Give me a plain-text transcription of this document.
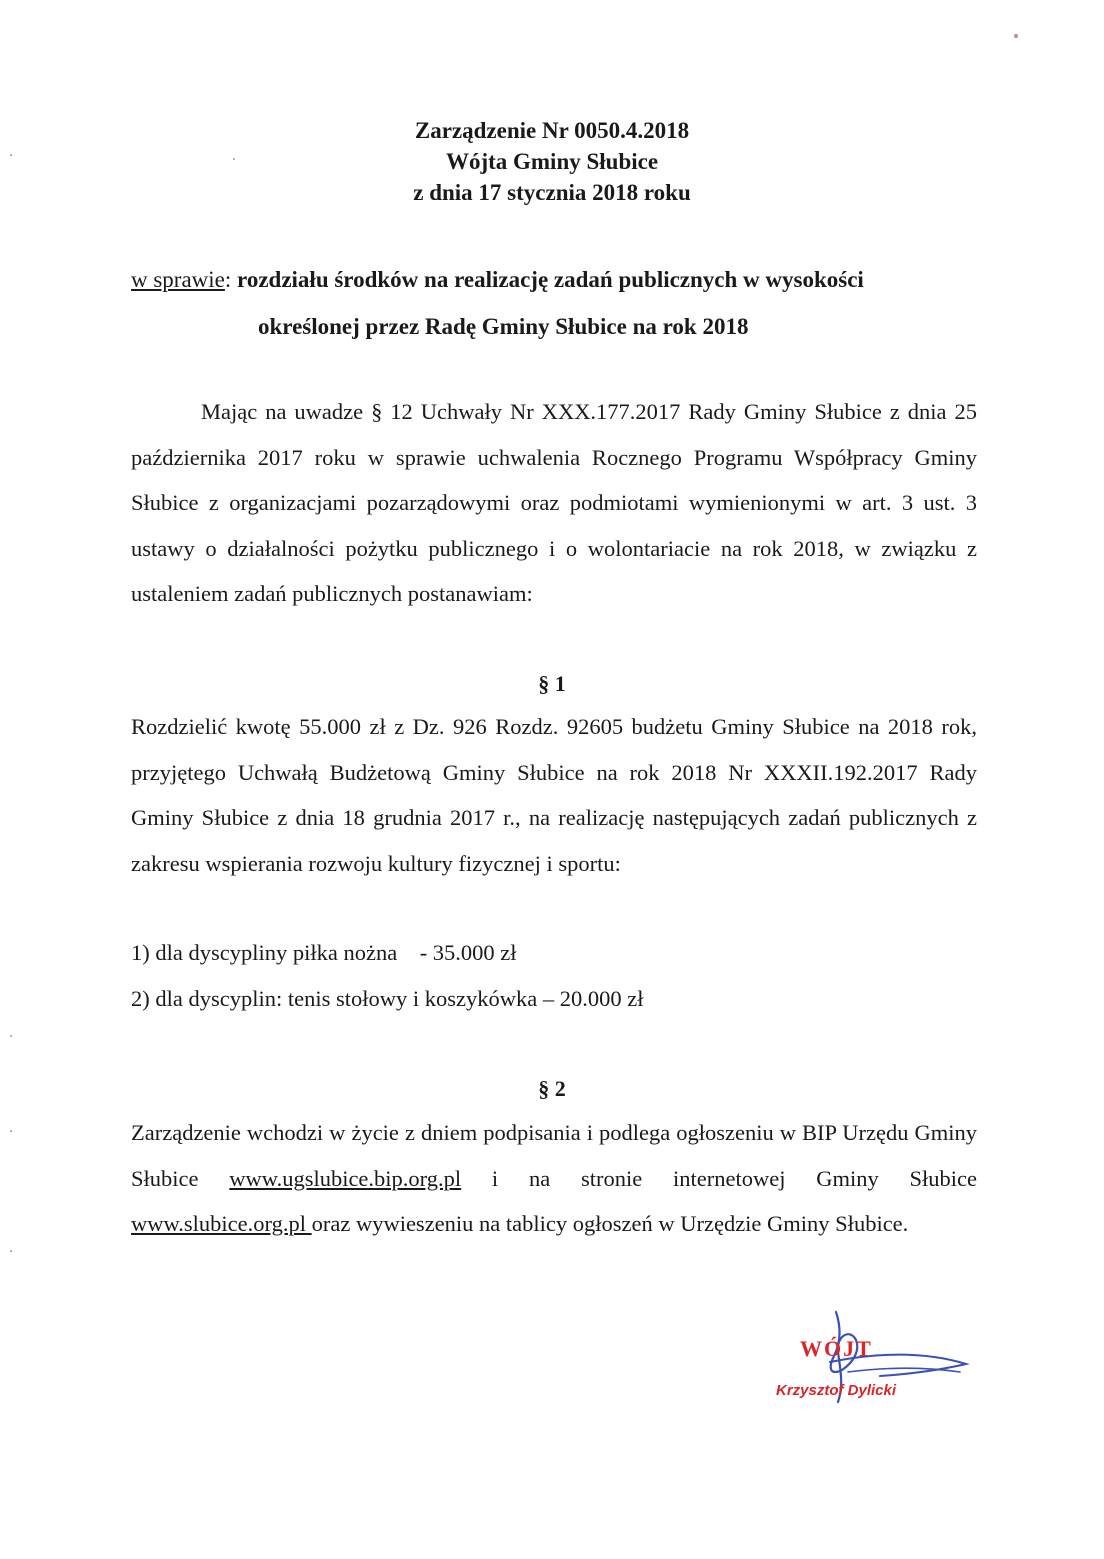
Zarządzenie Nr 0050.4.2018
Wójta Gminy Słubice
z dnia 17 stycznia 2018 roku
w sprawie: rozdziału środków na realizację zadań publicznych w wysokości
określonej przez Radę Gminy Słubice na rok 2018
Mając na uwadze § 12 Uchwały Nr XXX.177.2017 Rady Gminy Słubice z dnia 25 października 2017 roku w sprawie uchwalenia Rocznego Programu Współpracy Gminy Słubice z organizacjami pozarządowymi oraz podmiotami wymienionymi w art. 3 ust. 3 ustawy o działalności pożytku publicznego i o wolontariacie na rok 2018, w związku z ustaleniem zadań publicznych postanawiam:
§ 1
Rozdzielić kwotę 55.000 zł z Dz. 926 Rozdz. 92605 budżetu Gminy Słubice na 2018 rok, przyjętego Uchwałą Budżetową Gminy Słubice na rok 2018 Nr XXXII.192.2017 Rady Gminy Słubice z dnia 18 grudnia 2017 r., na realizację następujących zadań publicznych z zakresu wspierania rozwoju kultury fizycznej i sportu:
1) dla dyscypliny piłka nożna    - 35.000 zł
2) dla dyscyplin: tenis stołowy i koszykówka – 20.000 zł
§ 2
Zarządzenie wchodzi w życie z dniem podpisania i podlega ogłoszeniu w BIP Urzędu Gminy Słubice www.ugslubice.bip.org.pl i na stronie internetowej Gminy Słubice www.slubice.org.pl oraz wywieszeniu na tablicy ogłoszeń w Urzędzie Gminy Słubice.
WÓJT
Krzysztof Dylicki
